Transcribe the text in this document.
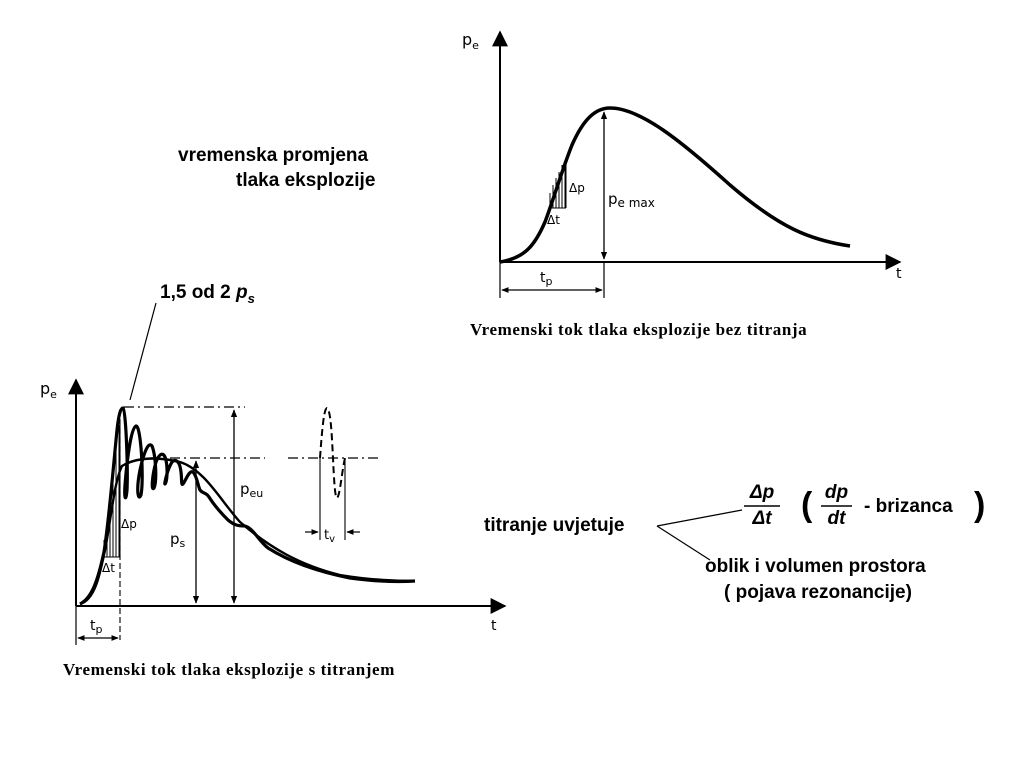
vremenska promjena
tlaka eksplozije
1,5 od 2 $p_s$
$p_e$
t
Δp
Δt
$p_{e max}$
$t_p$
$p_e$
t
Δp
Δt
$p_{eu}$
$p_s$
$t_v$
$t_p$
Vremenski tok tlaka eksplozije bez titranja
Vremenski tok tlaka eksplozije s titranjem
titranje uvjetuje
Δp
Δt ( dp
dt
- brizanca )
oblik i volumen prostora
( pojava rezonancije)
